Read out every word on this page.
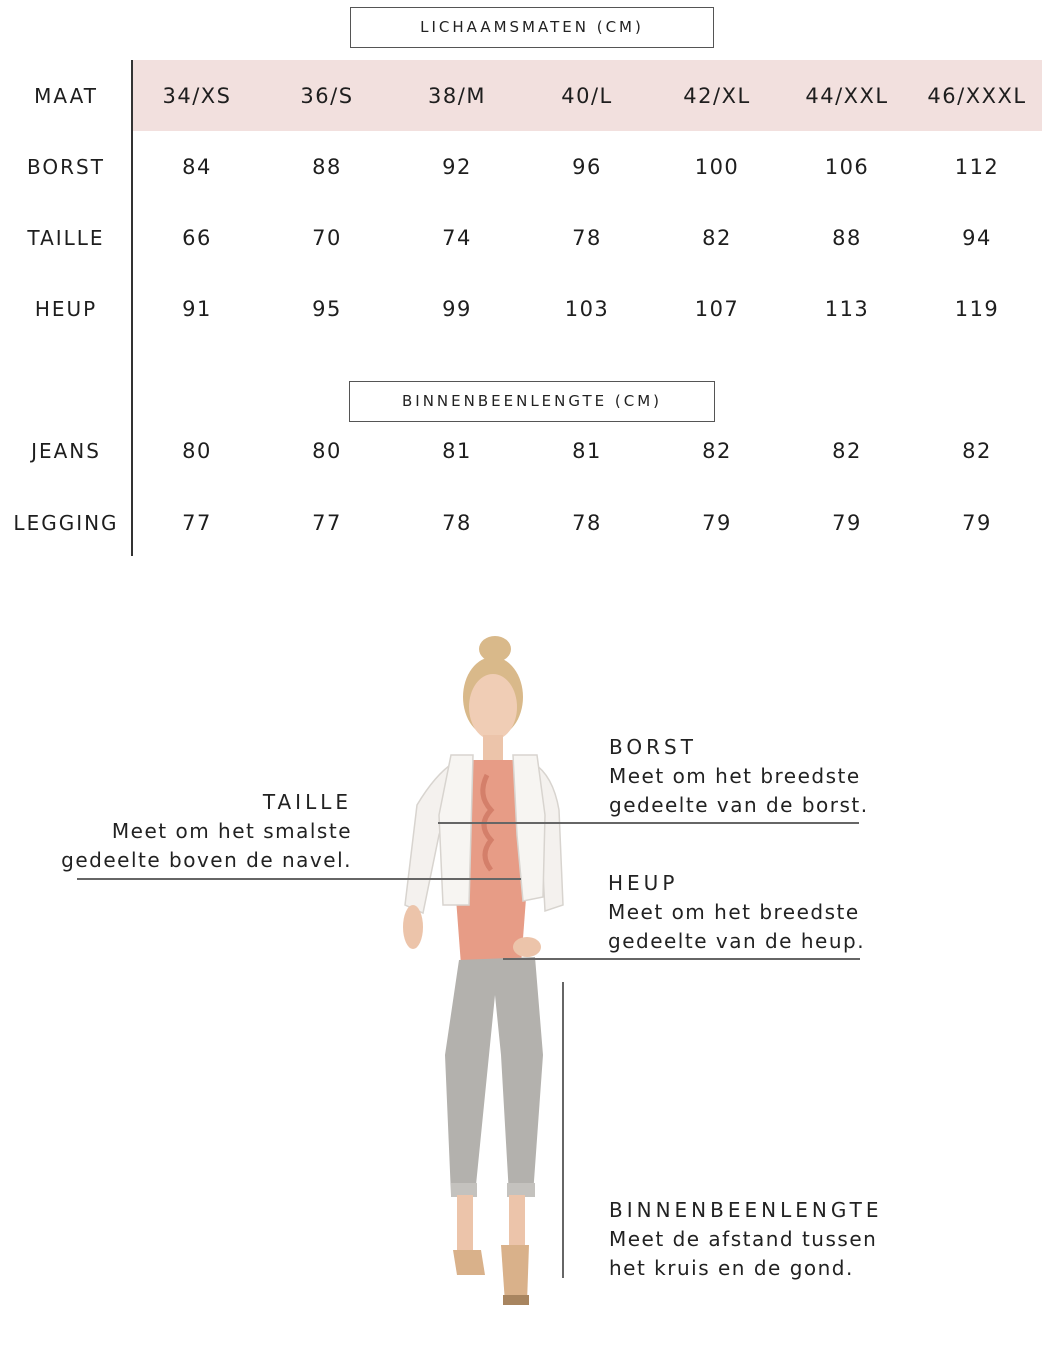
LICHAAMSMATEN (CM)
MAAT	34/XS	36/S	38/M	40/L	42/XL	44/XXL	46/XXXL
BORST	84	88	92	96	100	106	112
TAILLE	66	70	74	78	82	88	94
HEUP	91	95	99	103	107	113	119
BINNENBEENLENGTE (CM)
JEANS	80	80	81	81	82	82	82
LEGGING	77	77	78	78	79	79	79
BORST
Meet om het breedste
gedeelte van de borst.
TAILLE
Meet om het smalste
gedeelte boven de navel.
HEUP
Meet om het breedste
gedeelte van de heup.
BINNENBEENLENGTE
Meet de afstand tussen
het kruis en de gond.
